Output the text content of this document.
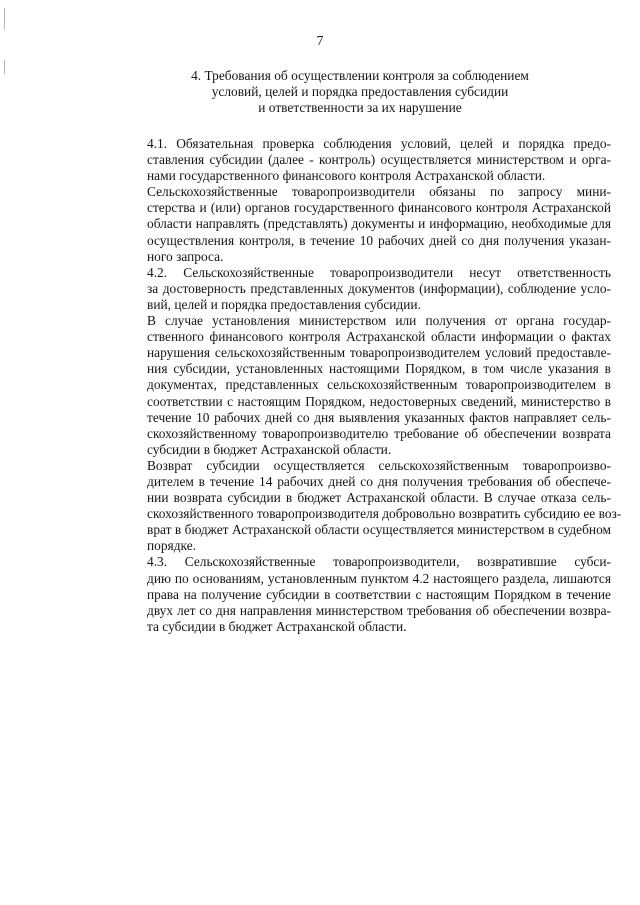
7
4. Требования об осуществлении контроля за соблюдением
условий, целей и порядка предоставления субсидии
и ответственности за их нарушение

4.1. Обязательная проверка соблюдения условий, целей и порядка предо-
ставления субсидии (далее - контроль) осуществляется министерством и орга-
нами государственного финансового контроля Астраханской области.

Сельскохозяйственные товаропроизводители обязаны по запросу мини-
стерства и (или) органов государственного финансового контроля Астраханской
области направлять (представлять) документы и информацию, необходимые для
осуществления контроля, в течение 10 рабочих дней со дня получения указан-
ного запроса.

4.2. Сельскохозяйственные товаропроизводители несут ответственность
за достоверность представленных документов (информации), соблюдение усло-
вий, целей и порядка предоставления субсидии.

В случае установления министерством или получения от органа государ-
ственного финансового контроля Астраханской области информации о фактах
нарушения сельскохозяйственным товаропроизводителем условий предоставле-
ния субсидии, установленных настоящими Порядком, в том числе указания в
документах, представленных сельскохозяйственным товаропроизводителем в
соответствии с настоящим Порядком, недостоверных сведений, министерство в
течение 10 рабочих дней со дня выявления указанных фактов направляет сель-
скохозяйственному товаропроизводителю требование об обеспечении возврата
субсидии в бюджет Астраханской области.

Возврат субсидии осуществляется сельскохозяйственным товаропроизво-
дителем в течение 14 рабочих дней со дня получения требования об обеспече-
нии возврата субсидии в бюджет Астраханской области. В случае отказа сель-
скохозяйственного товаропроизводителя добровольно возвратить субсидию ее воз-
врат в бюджет Астраханской области осуществляется министерством в судебном
порядке.

4.3. Сельскохозяйственные товаропроизводители, возвратившие субси-
дию по основаниям, установленным пунктом 4.2 настоящего раздела, лишаются
права на получение субсидии в соответствии с настоящим Порядком в течение
двух лет со дня направления министерством требования об обеспечении возвра-
та субсидии в бюджет Астраханской области.
